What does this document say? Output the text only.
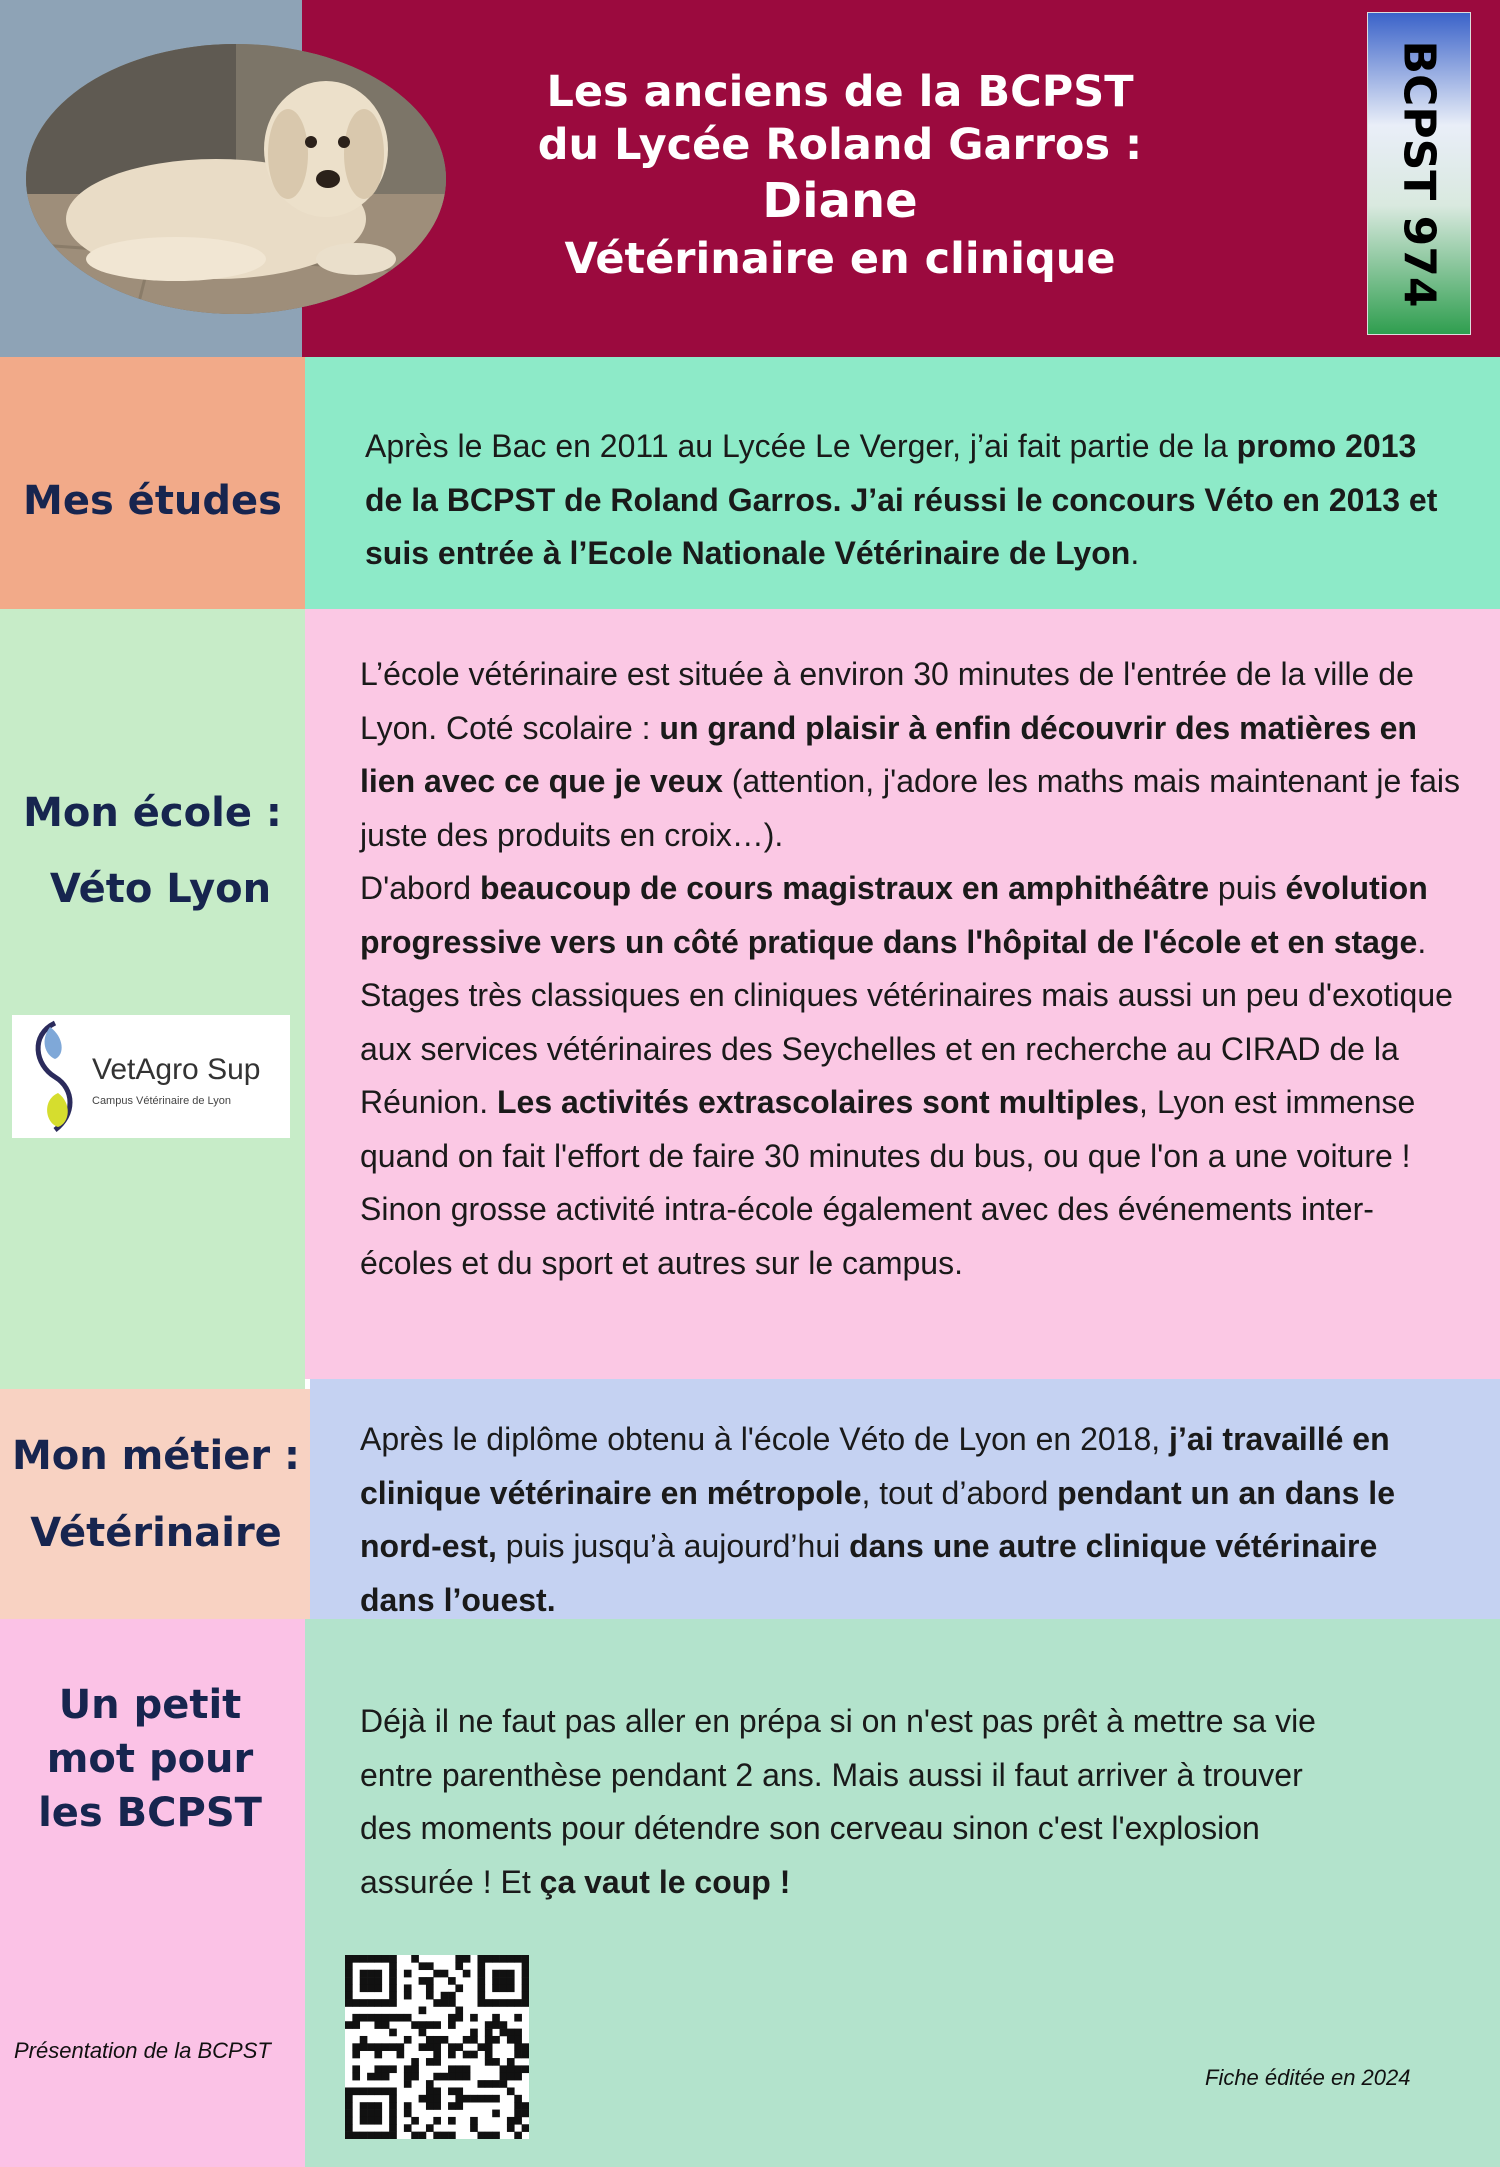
Les anciens de la BCPST
du Lycée Roland Garros :
Diane
Vétérinaire en clinique	BCPST 974
Mes études
Après le Bac en 2011 au Lycée Le Verger, j’ai fait partie de la promo 2013 de la BCPST de Roland Garros. J’ai réussi le concours Véto en 2013 et suis entrée à l’Ecole Nationale Vétérinaire de Lyon.
Mon école :
Véto Lyon
VetAgro Sup
Campus Vétérinaire de Lyon
L’école vétérinaire est située à environ 30 minutes de l'entrée de la ville de Lyon. Coté scolaire : un grand plaisir à enfin découvrir des matières en lien avec ce que je veux (attention, j'adore les maths mais maintenant je fais juste des produits en croix…).
D'abord beaucoup de cours magistraux en amphithéâtre puis évolution progressive vers un côté pratique dans l'hôpital de l'école et en stage. Stages très classiques en cliniques vétérinaires mais aussi un peu d'exotique aux services vétérinaires des Seychelles et en recherche au CIRAD de la Réunion. Les activités extrascolaires sont multiples, Lyon est immense quand on fait l'effort de faire 30 minutes du bus, ou que l'on a une voiture !
Sinon grosse activité intra-école également avec des événements inter-écoles et du sport et autres sur le campus.
Mon métier :
Vétérinaire
Après le diplôme obtenu à l'école Véto de Lyon en 2018, j’ai travaillé en clinique vétérinaire en métropole, tout d’abord pendant un an dans le nord-est, puis jusqu’à aujourd’hui dans une autre clinique vétérinaire dans l’ouest.
Un petit
mot pour
les BCPST
Déjà il ne faut pas aller en prépa si on n'est pas prêt à mettre sa vie entre parenthèse pendant 2 ans. Mais aussi il faut arriver à trouver des moments pour détendre son cerveau sinon c'est l'explosion assurée ! Et ça vaut le coup !
Présentation de la BCPST
Fiche éditée en 2024
